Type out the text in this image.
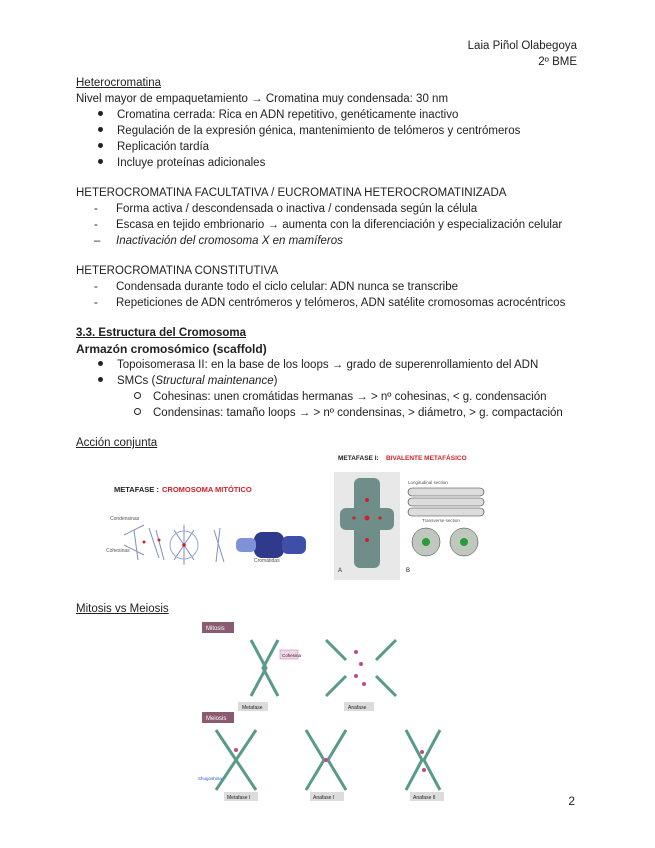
Laia Piñol Olabegoya
2º BME
Heterocromatina
Nivel mayor de empaquetamiento → Cromatina muy condensada: 30 nm
Cromatina cerrada: Rica en ADN repetitivo, genéticamente inactivo
Regulación de la expresión génica, mantenimiento de telómeros y centrómeros
Replicación tardía
Incluye proteínas adicionales
HETEROCROMATINA FACULTATIVA / EUCROMATINA HETEROCROMATINIZADA
- Forma activa / descondensada o inactiva / condensada según la célula
- Escasa en tejido embrionario → aumenta con la diferenciación y especialización celular
– Inactivación del cromosoma X en mamíferos
HETEROCROMATINA CONSTITUTIVA
- Condensada durante todo el ciclo celular: ADN nunca se transcribe
- Repeticiones de ADN centrómeros y telómeros, ADN satélite cromosomas acrocéntricos
3.3. Estructura del Cromosoma
Armazón cromosómico (scaffold)
Topoisomerasa II: en la base de los loops → grado de superenrollamiento del ADN
SMCs (Structural maintenance)
Cohesinas: unen cromátidas hermanas → > nº cohesinas, < g. condensación
Condensinas: tamaño loops → > nº condensinas, > diámetro, > g. compactación
Acción conjunta
METAFASE : CROMOSOMA MITÓTICO
Condensinas
Cohesinas
Cromátidas
METAFASE I: BIVALENTE METAFÁSICO
A
Longitudinal section
Transverse section
B
Mitosis vs Meiosis
Mitosis
Cohesina
Metafase	Anafase
Meiosis
Shugoshina
Metafase I	Anafase I	Anafase II	2
